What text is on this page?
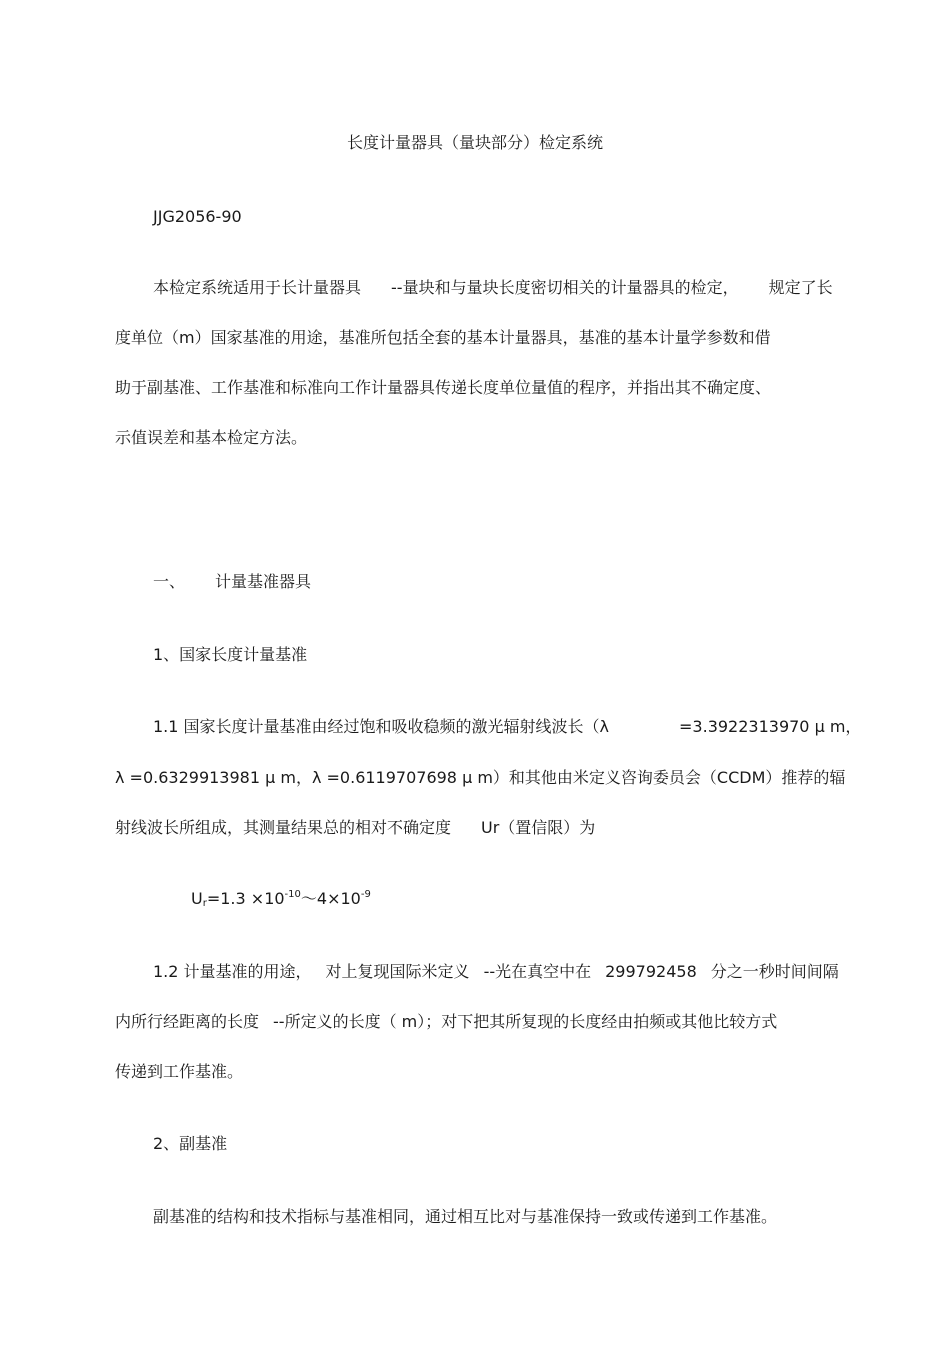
长度计量器具（量块部分）检定系统
JJG2056-90
本检定系统适用于长计量器具 --量块和与量块长度密切相关的计量器具的检定， 规定了长
度单位（m）国家基准的用途，基准所包括全套的基本计量器具，基准的基本计量学参数和借
助于副基准、工作基准和标准向工作计量器具传递长度单位量值的程序，并指出其不确定度、
示值误差和基本检定方法。
一、 计量基准器具
1、国家长度计量基准
1.1 国家长度计量基准由经过饱和吸收稳频的激光辐射线波长（λ	=3.3922313970 μ m，
λ =0.6329913981 μ m，λ =0.6119707698 μ m）和其他由米定义咨询委员会（CCDM）推荐的辐
射线波长所组成，其测量结果总的相对不确定度 Ur（置信限）为
$U_r=1.3$ $\times 10^{-10}\sim 4\times 10^{-9}$
1.2 计量基准的用途， 对上复现国际米定义 --光在真空中在 299792458 分之一秒时间间隔
内所行经距离的长度 --所定义的长度（ m）；对下把其所复现的长度经由拍频或其他比较方式
传递到工作基准。
2、副基准
副基准的结构和技术指标与基准相同，通过相互比对与基准保持一致或传递到工作基准。
